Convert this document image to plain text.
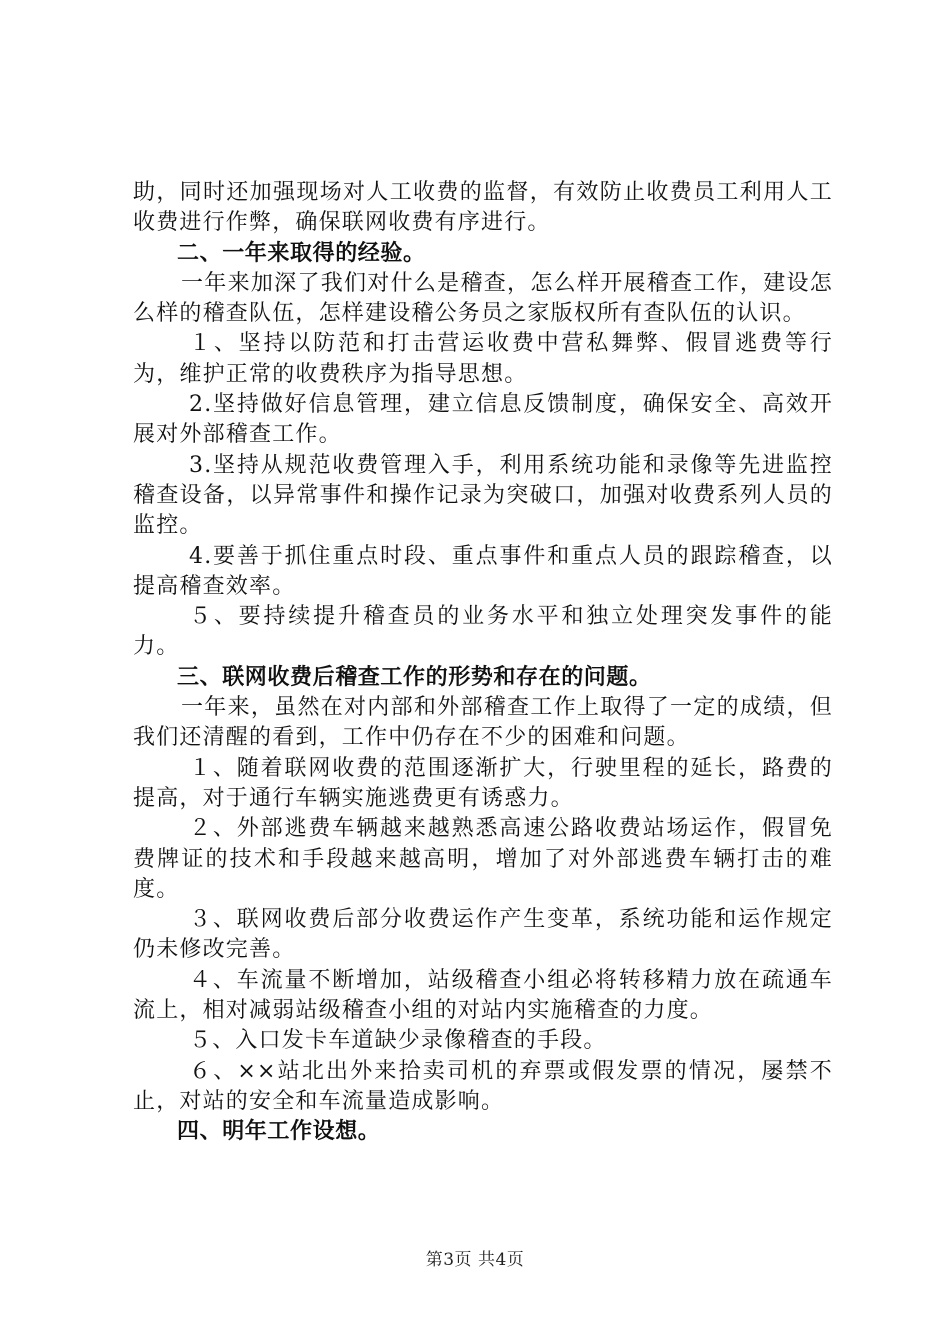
助，同时还加强现场对人工收费的监督，有效防止收费员工利用人工收费进行作弊，确保联网收费有序进行。

二、一年来取得的经验。

一年来加深了我们对什么是稽查，怎么样开展稽查工作，建设怎么样的稽查队伍，怎样建设稽公务员之家版权所有查队伍的认识。

１、坚持以防范和打击营运收费中营私舞弊、假冒逃费等行为，维护正常的收费秩序为指导思想。

2.坚持做好信息管理，建立信息反馈制度，确保安全、高效开展对外部稽查工作。

3.坚持从规范收费管理入手，利用系统功能和录像等先进监控稽查设备，以异常事件和操作记录为突破口，加强对收费系列人员的监控。

4.要善于抓住重点时段、重点事件和重点人员的跟踪稽查，以提高稽查效率。

５、要持续提升稽查员的业务水平和独立处理突发事件的能力。

三、联网收费后稽查工作的形势和存在的问题。

一年来，虽然在对内部和外部稽查工作上取得了一定的成绩，但我们还清醒的看到，工作中仍存在不少的困难和问题。

１、随着联网收费的范围逐渐扩大，行驶里程的延长，路费的提高，对于通行车辆实施逃费更有诱惑力。

２、外部逃费车辆越来越熟悉高速公路收费站场运作，假冒免费牌证的技术和手段越来越高明，增加了对外部逃费车辆打击的难度。

３、联网收费后部分收费运作产生变革，系统功能和运作规定仍未修改完善。

４、车流量不断增加，站级稽查小组必将转移精力放在疏通车流上，相对减弱站级稽查小组的对站内实施稽查的力度。

５、入口发卡车道缺少录像稽查的手段。

６、××站北出外来拾卖司机的弃票或假发票的情况，屡禁不止，对站的安全和车流量造成影响。

四、明年工作设想。

第3页 共4页
